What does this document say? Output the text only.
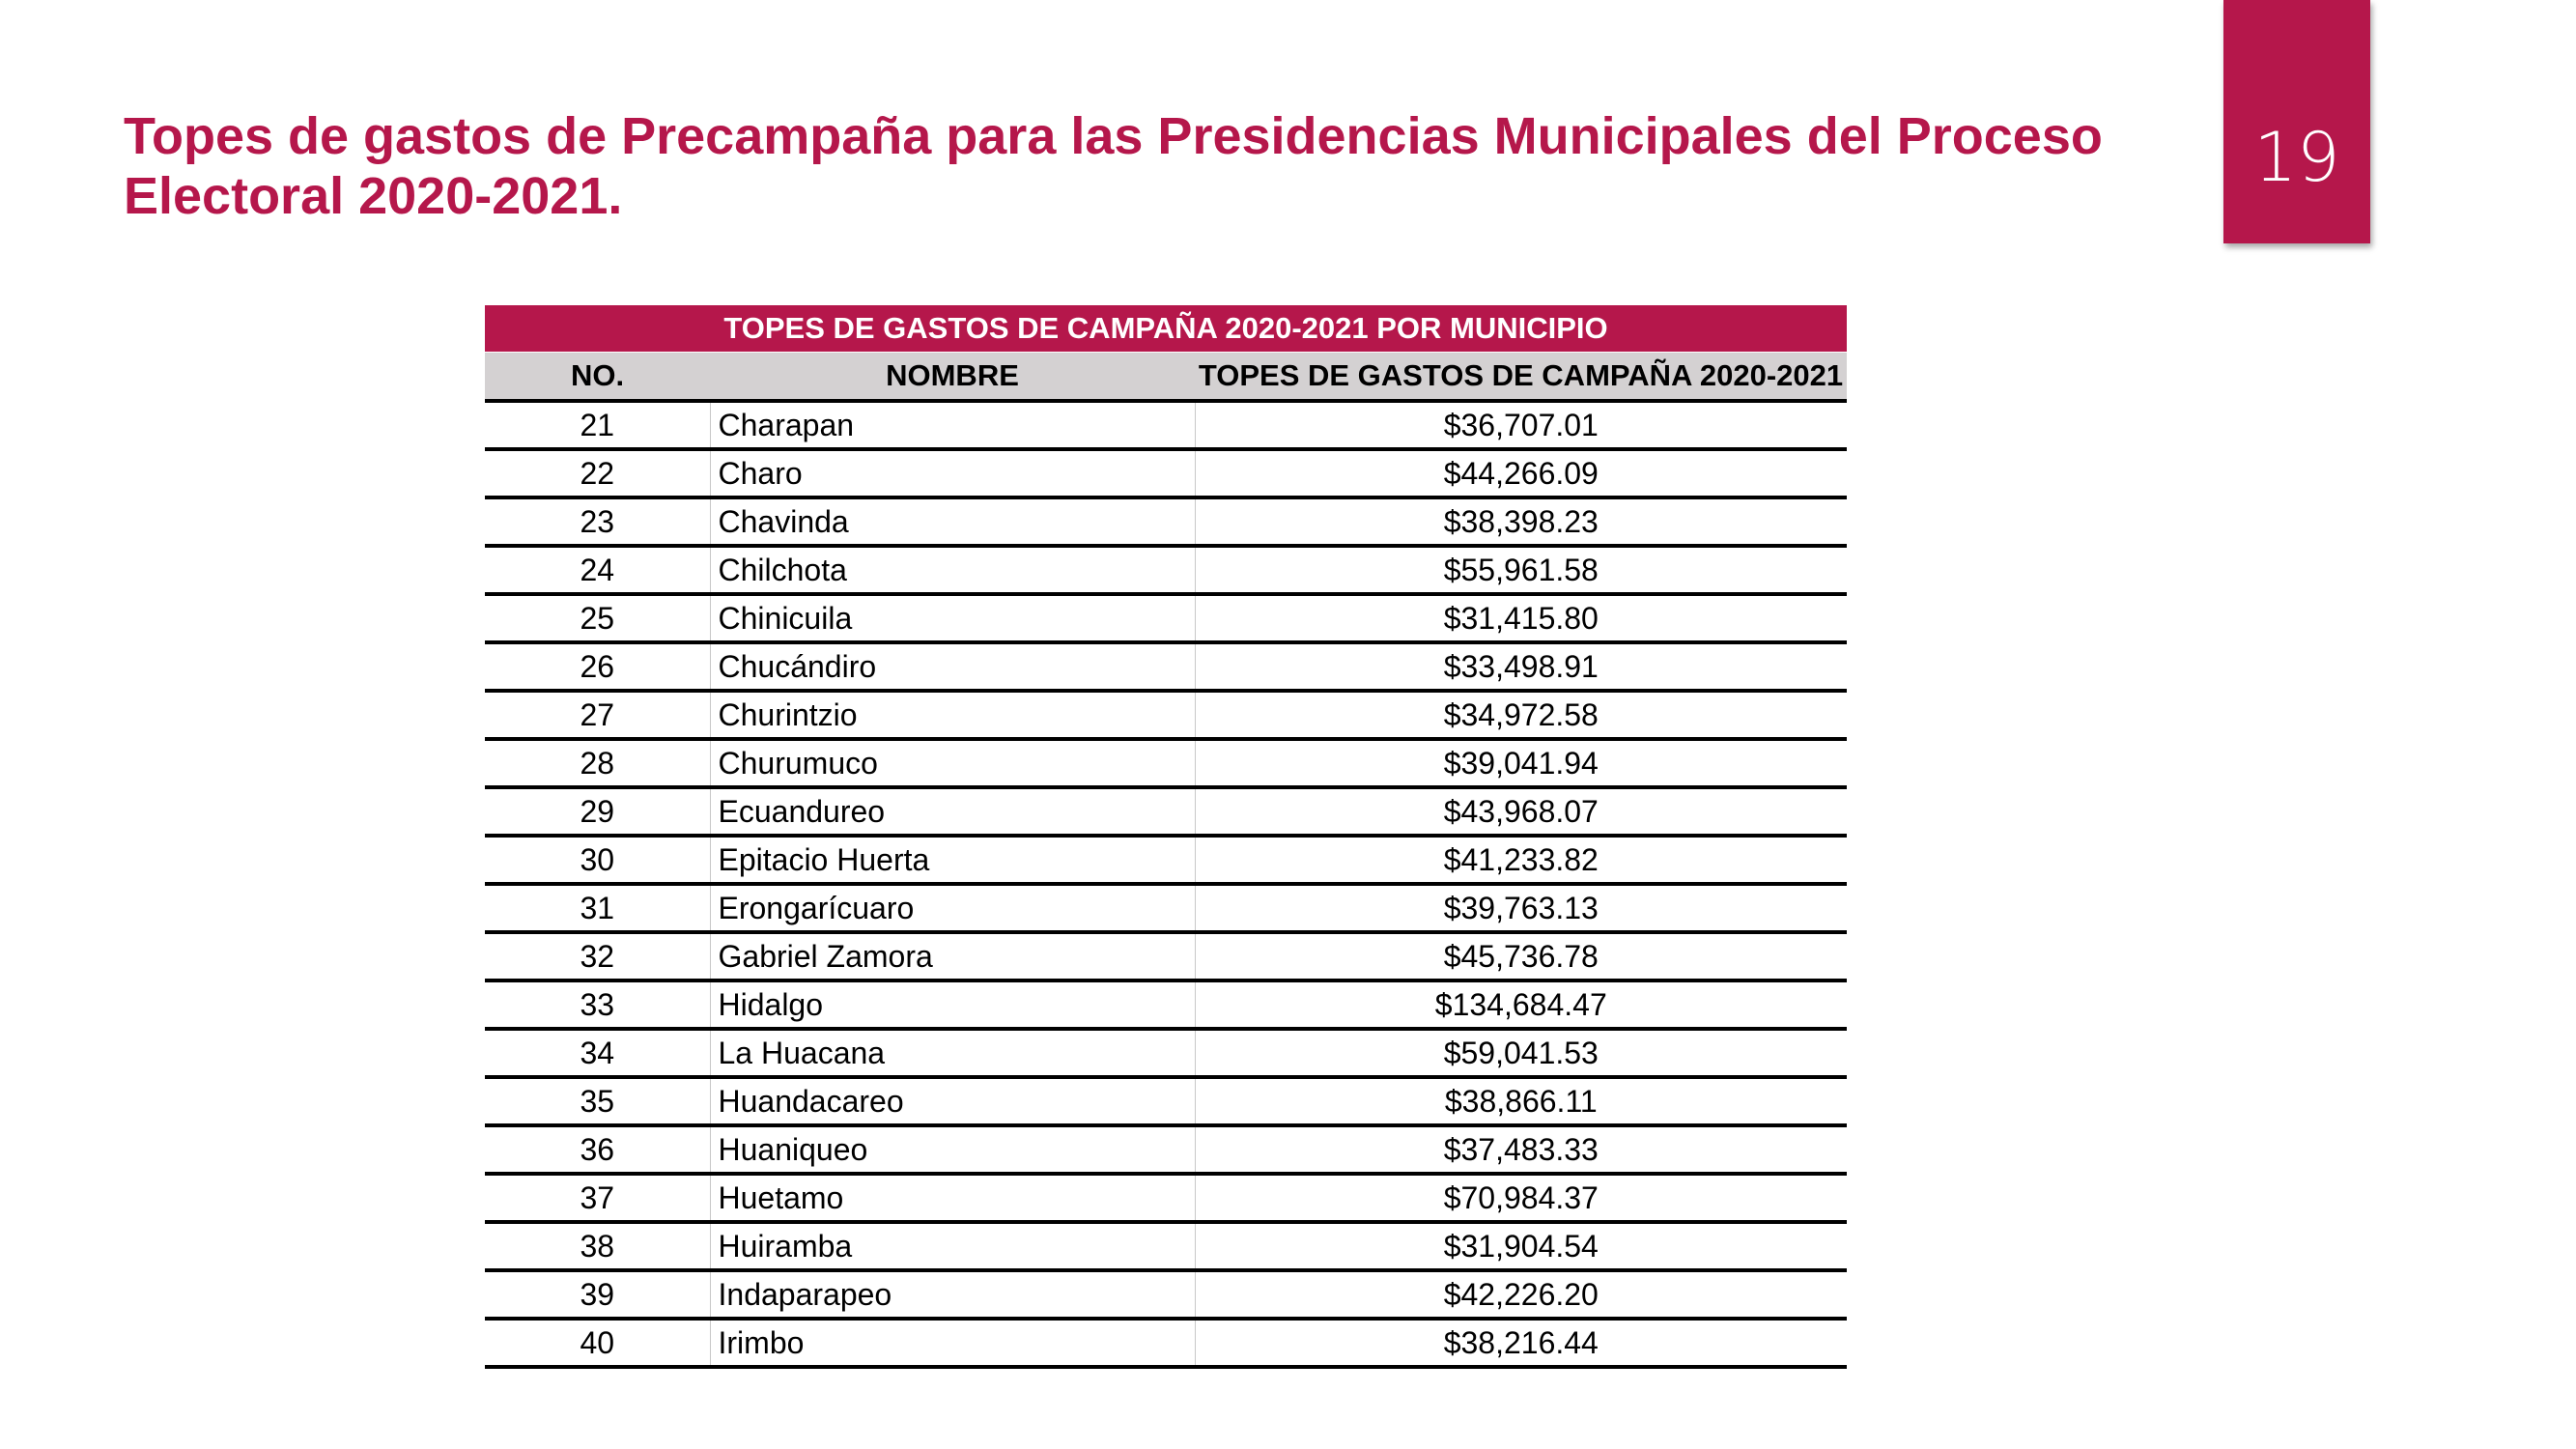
19
Topes de gastos de Precampaña para las Presidencias Municipales del Proceso Electoral 2020-2021.
TOPES DE GASTOS DE CAMPAÑA 2020-2021 POR MUNICIPIO		
NO.	NOMBRE	TOPES DE GASTOS DE CAMPAÑA 2020-2021
21	Charapan	$36,707.01
22	Charo	$44,266.09
23	Chavinda	$38,398.23
24	Chilchota	$55,961.58
25	Chinicuila	$31,415.80
26	Chucándiro	$33,498.91
27	Churintzio	$34,972.58
28	Churumuco	$39,041.94
29	Ecuandureo	$43,968.07
30	Epitacio Huerta	$41,233.82
31	Erongarícuaro	$39,763.13
32	Gabriel Zamora	$45,736.78
33	Hidalgo	$134,684.47
34	La Huacana	$59,041.53
35	Huandacareo	$38,866.11
36	Huaniqueo	$37,483.33
37	Huetamo	$70,984.37
38	Huiramba	$31,904.54
39	Indaparapeo	$42,226.20
40	Irimbo	$38,216.44
